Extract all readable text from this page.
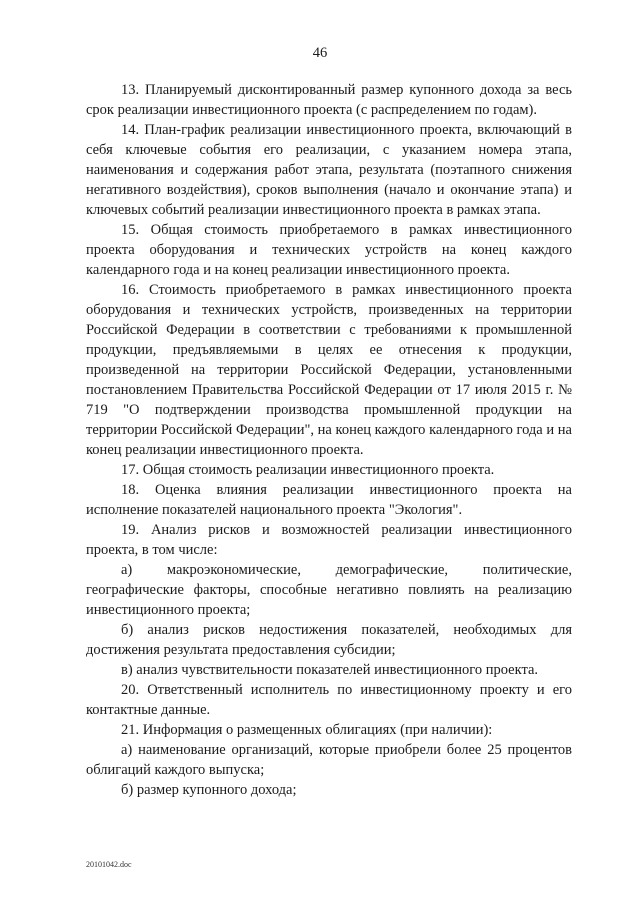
46

13. Планируемый дисконтированный размер купонного дохода за весь срок реализации инвестиционного проекта (с распределением по годам).

14. План-график реализации инвестиционного проекта, включающий в себя ключевые события его реализации, с указанием номера этапа, наименования и содержания работ этапа, результата (поэтапного снижения негативного воздействия), сроков выполнения (начало и окончание этапа) и ключевых событий реализации инвестиционного проекта в рамках этапа.

15. Общая стоимость приобретаемого в рамках инвестиционного проекта оборудования и технических устройств на конец каждого календарного года и на конец реализации инвестиционного проекта.

16. Стоимость приобретаемого в рамках инвестиционного проекта оборудования и технических устройств, произведенных на территории Российской Федерации в соответствии с требованиями к промышленной продукции, предъявляемыми в целях ее отнесения к продукции, произведенной на территории Российской Федерации, установленными постановлением Правительства Российской Федерации от 17 июля 2015 г. № 719 "О подтверждении производства промышленной продукции на территории Российской Федерации", на конец каждого календарного года и на конец реализации инвестиционного проекта.

17. Общая стоимость реализации инвестиционного проекта.

18. Оценка влияния реализации инвестиционного проекта на исполнение показателей национального проекта "Экология".

19. Анализ рисков и возможностей реализации инвестиционного проекта, в том числе:

а) макроэкономические, демографические, политические, географические факторы, способные негативно повлиять на реализацию инвестиционного проекта;

б) анализ рисков недостижения показателей, необходимых для достижения результата предоставления субсидии;

в) анализ чувствительности показателей инвестиционного проекта.

20. Ответственный исполнитель по инвестиционному проекту и его контактные данные.

21. Информация о размещенных облигациях (при наличии):

а) наименование организаций, которые приобрели более 25 процентов облигаций каждого выпуска;

б) размер купонного дохода;

20101042.doc
